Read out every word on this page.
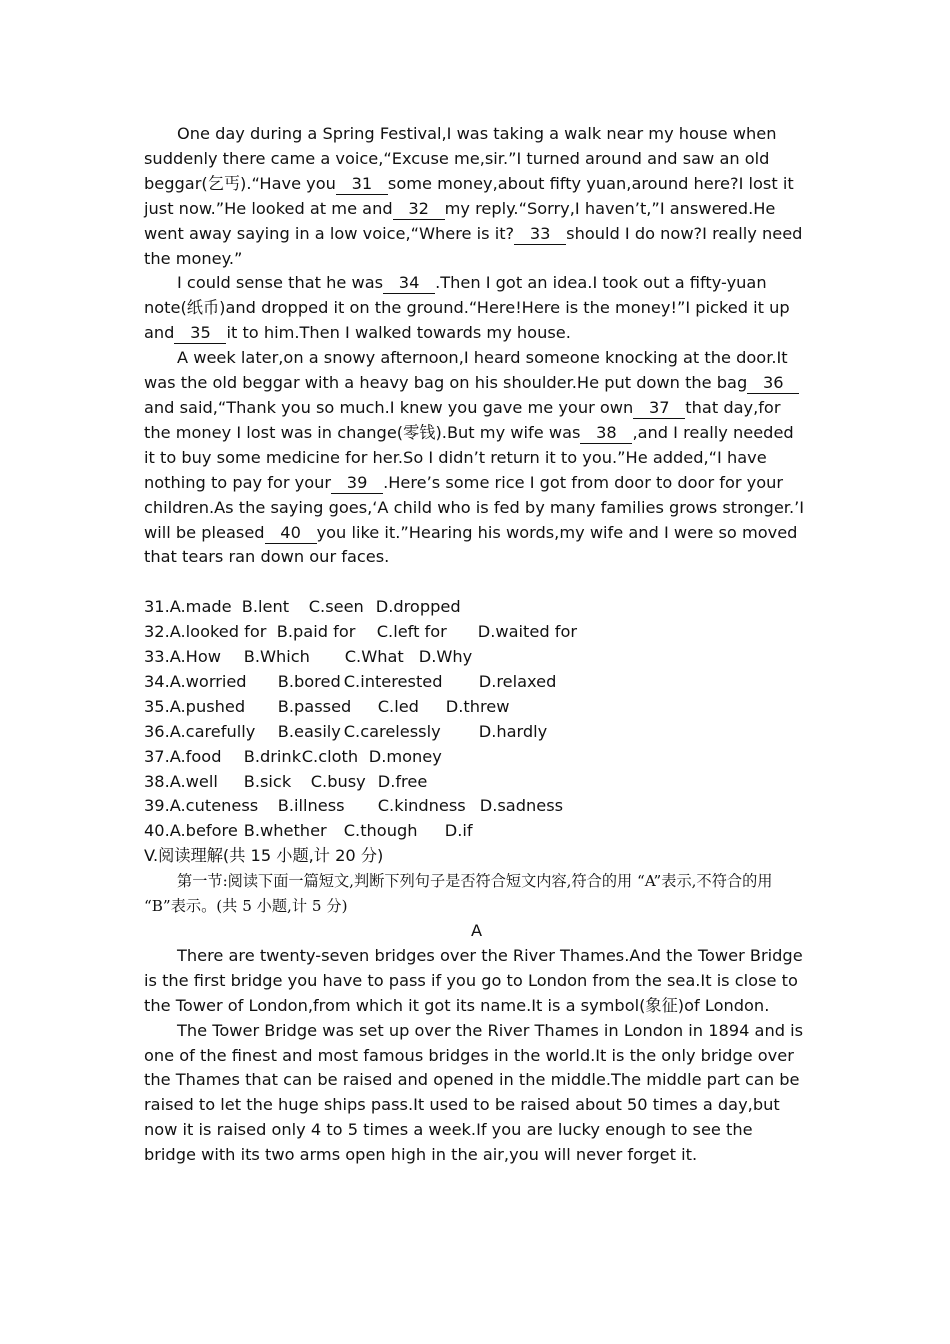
One day during a Spring Festival,I was taking a walk near my house when suddenly there came a voice,“Excuse me,sir.”I turned around and saw an old beggar(乞丐).“Have you 31 some money,about fifty yuan,around here?I lost it just now.”He looked at me and 32 my reply.“Sorry,I haven’t,”I answered.He went away saying in a low voice,“Where is it? 33 should I do now?I really need the money.”

I could sense that he was 34 .Then I got an idea.I took out a fifty-yuan note(纸币)and dropped it on the ground.“Here!Here is the money!”I picked it up and 35 it to him.Then I walked towards my house.

A week later,on a snowy afternoon,I heard someone knocking at the door.It was the old beggar with a heavy bag on his shoulder.He put down the bag 36and said,“Thank you so much.I knew you gave me your own 37 that day,for the money I lost was in change(零钱).But my wife was 38 ,and I really needed it to buy some medicine for her.So I didn’t return it to you.”He added,“I have nothing to pay for your 39 .Here’s some rice I got from door to door for your children.As the saying goes,‘A child who is fed by many families grows stronger.’I will be pleased 40 you like it.”Hearing his words,my wife and I were so moved that tears ran down our faces.

31.A.made B.lent C.seen D.dropped
32.A.looked for B.paid for C.left for D.waited for
33.A.How B.Which C.What D.Why
34.A.worried B.bored C.interested D.relaxed
35.A.pushed B.passed C.led D.threw
36.A.carefully B.easily C.carelessly D.hardly
37.A.food B.drinkC.cloth D.money
38.A.well B.sick C.busy D.free
39.A.cuteness B.illness C.kindness D.sadness
40.A.before B.whether C.though D.if

V.阅读理解(共 15 小题,计 20 分)

第一节:阅读下面一篇短文,判断下列句子是否符合短文内容,符合的用 “A”表示,不符合的用 “B”表示。(共 5 小题,计 5 分)

A

There are twenty-seven bridges over the River Thames.And the Tower Bridge is the first bridge you have to pass if you go to London from the sea.It is close to the Tower of London,from which it got its name.It is a symbol(象征)of London.

The Tower Bridge was set up over the River Thames in London in 1894 and is one of the finest and most famous bridges in the world.It is the only bridge over the Thames that can be raised and opened in the middle.The middle part can be raised to let the huge ships pass.It used to be raised about 50 times a day,but now it is raised only 4 to 5 times a week.If you are lucky enough to see the bridge with its two arms open high in the air,you will never forget it.
